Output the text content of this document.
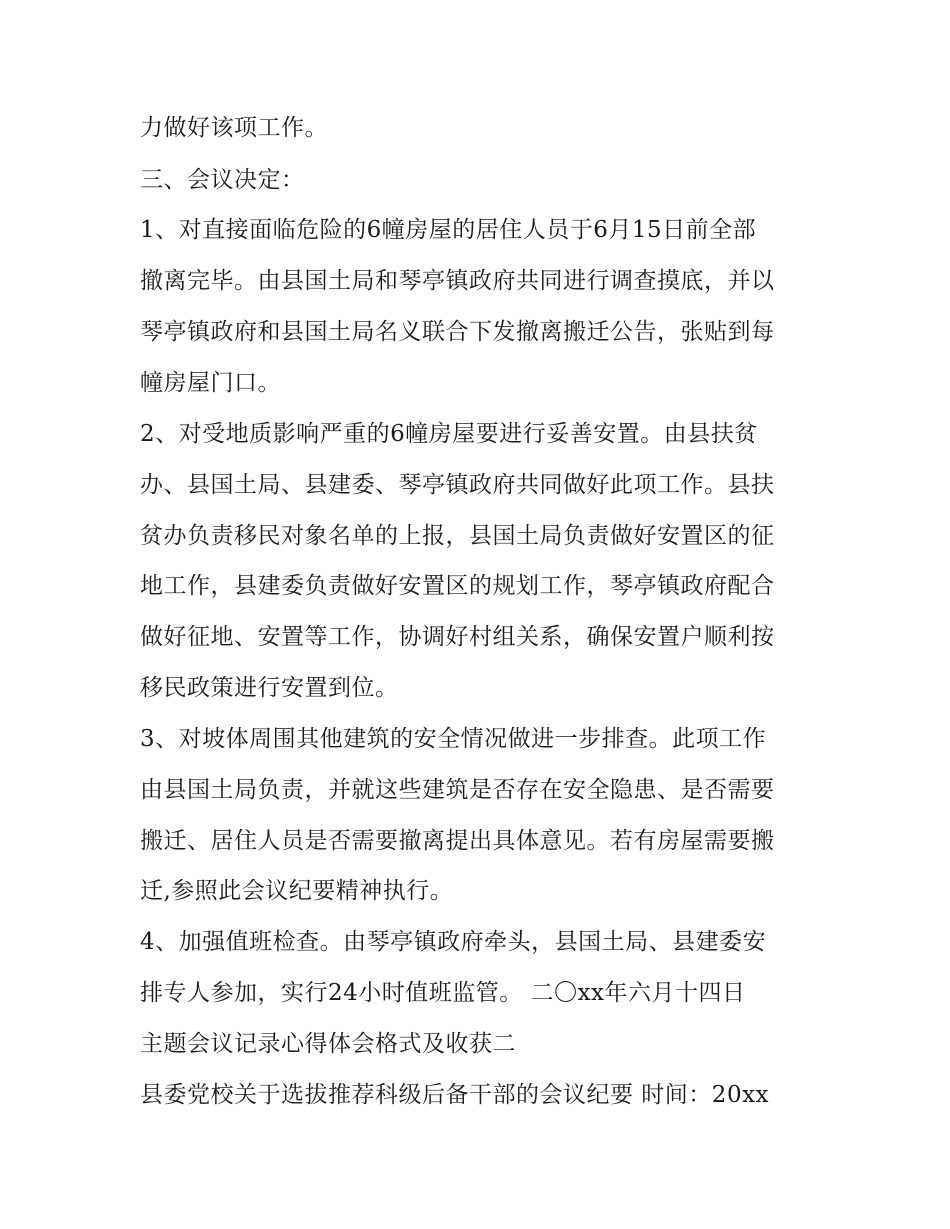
力做好该项工作。

三、会议决定：

1、对直接面临危险的6幢房屋的居住人员于6月15日前全部

撤离完毕。由县国土局和琴亭镇政府共同进行调查摸底，并以

琴亭镇政府和县国土局名义联合下发撤离搬迁公告，张贴到每

幢房屋门口。

2、对受地质影响严重的6幢房屋要进行妥善安置。由县扶贫

办、县国土局、县建委、琴亭镇政府共同做好此项工作。县扶

贫办负责移民对象名单的上报，县国土局负责做好安置区的征

地工作，县建委负责做好安置区的规划工作，琴亭镇政府配合

做好征地、安置等工作，协调好村组关系，确保安置户顺利按

移民政策进行安置到位。

3、对坡体周围其他建筑的安全情况做进一步排查。此项工作

由县国土局负责，并就这些建筑是否存在安全隐患、是否需要

搬迁、居住人员是否需要撤离提出具体意见。若有房屋需要搬

迁,参照此会议纪要精神执行。

4、加强值班检查。由琴亭镇政府牵头，县国土局、县建委安

排专人参加，实行24小时值班监管。 二〇xx年六月十四日

主题会议记录心得体会格式及收获二

县委党校关于选拔推荐科级后备干部的会议纪要 时间：20xx
